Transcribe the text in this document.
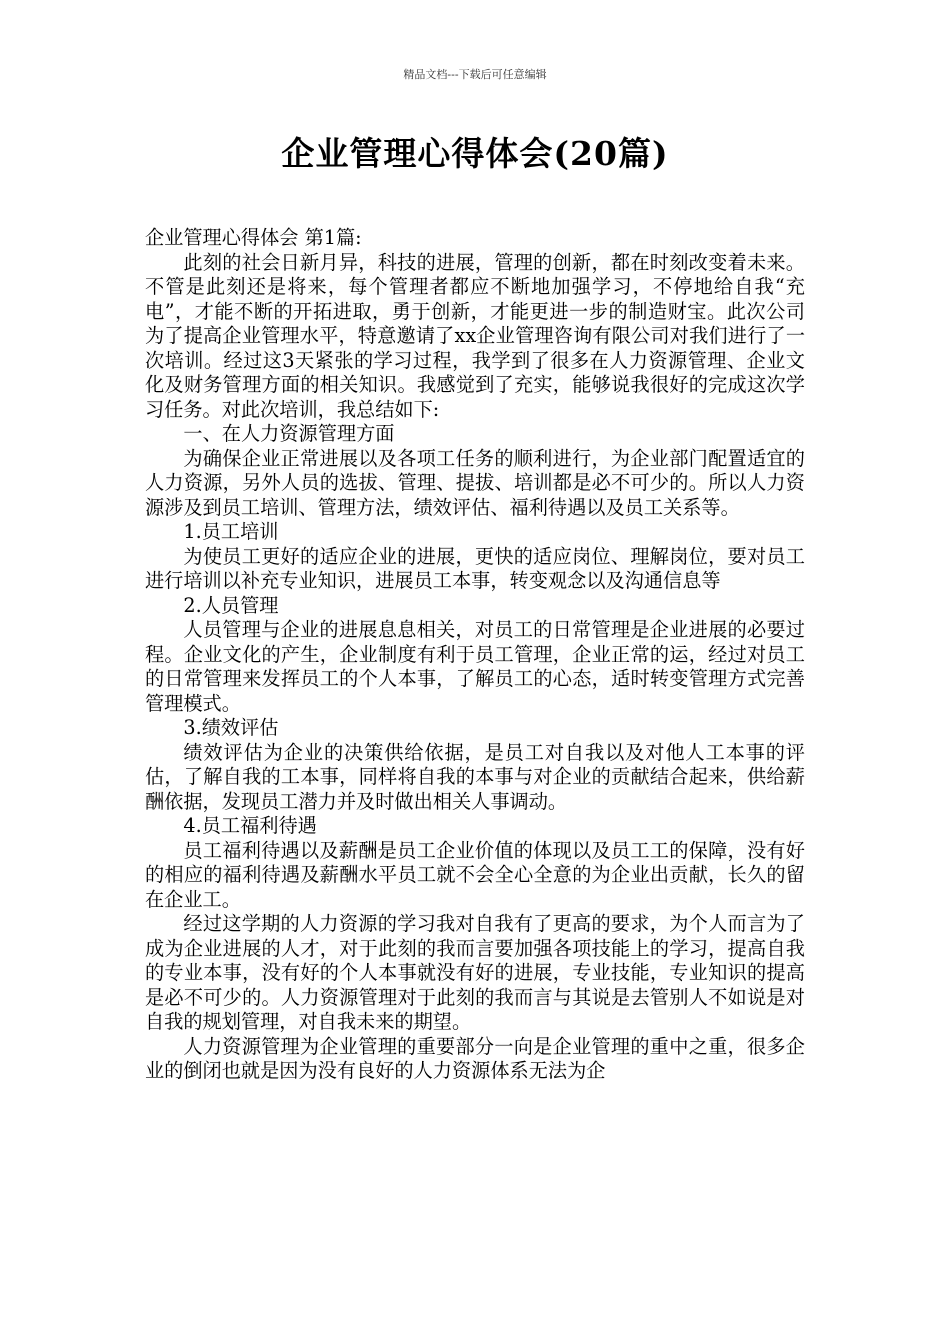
精品文档---下载后可任意编辑
企业管理心得体会(20篇)

企业管理心得体会 第1篇:

此刻的社会日新月异，科技的进展，管理的创新，都在时刻改变着未来。不管是此刻还是将来，每个管理者都应不断地加强学习，不停地给自我“充电”，才能不断的开拓进取，勇于创新，才能更进一步的制造财宝。此次公司为了提高企业管理水平，特意邀请了xx企业管理咨询有限公司对我们进行了一次培训。经过这3天紧张的学习过程，我学到了很多在人力资源管理、企业文化及财务管理方面的相关知识。我感觉到了充实，能够说我很好的完成这次学习任务。对此次培训，我总结如下:

一、在人力资源管理方面

为确保企业正常进展以及各项工任务的顺利进行，为企业部门配置适宜的人力资源，另外人员的选拔、管理、提拔、培训都是必不可少的。所以人力资源涉及到员工培训、管理方法，绩效评估、福利待遇以及员工关系等。

1.员工培训

为使员工更好的适应企业的进展，更快的适应岗位、理解岗位，要对员工进行培训以补充专业知识，进展员工本事，转变观念以及沟通信息等

2.人员管理

人员管理与企业的进展息息相关，对员工的日常管理是企业进展的必要过程。企业文化的产生，企业制度有利于员工管理，企业正常的运，经过对员工的日常管理来发挥员工的个人本事，了解员工的心态，适时转变管理方式完善管理模式。

3.绩效评估

绩效评估为企业的决策供给依据，是员工对自我以及对他人工本事的评估，了解自我的工本事，同样将自我的本事与对企业的贡献结合起来，供给薪酬依据，发现员工潜力并及时做出相关人事调动。

4.员工福利待遇

员工福利待遇以及薪酬是员工企业价值的体现以及员工工的保障，没有好的相应的福利待遇及薪酬水平员工就不会全心全意的为企业出贡献，长久的留在企业工。

经过这学期的人力资源的学习我对自我有了更高的要求，为个人而言为了成为企业进展的人才，对于此刻的我而言要加强各项技能上的学习，提高自我的专业本事，没有好的个人本事就没有好的进展，专业技能，专业知识的提高是必不可少的。人力资源管理对于此刻的我而言与其说是去管别人不如说是对自我的规划管理，对自我未来的期望。

人力资源管理为企业管理的重要部分一向是企业管理的重中之重，很多企业的倒闭也就是因为没有良好的人力资源体系无法为企
